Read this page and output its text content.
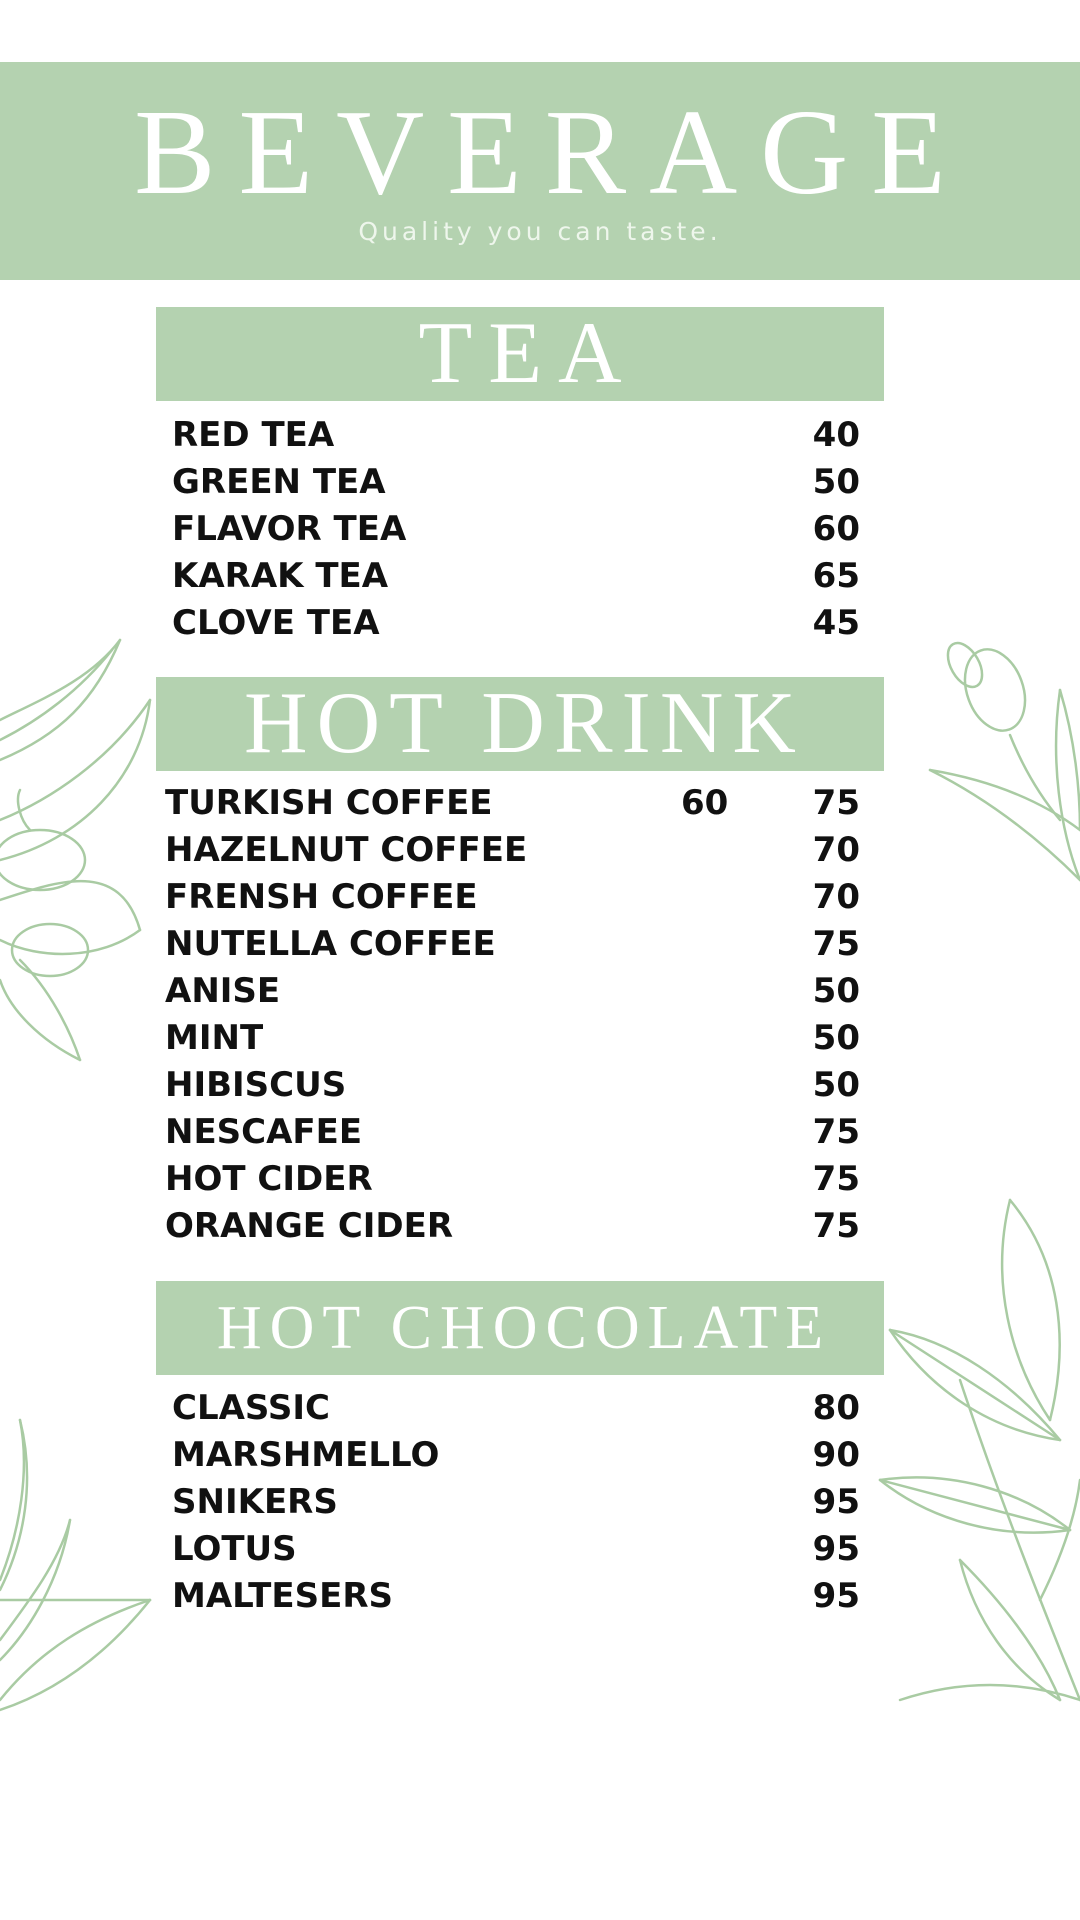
BEVERAGE
Quality you can taste.
TEA
RED TEA	40
GREEN TEA	50
FLAVOR TEA	60
KARAK TEA	65
CLOVE TEA	45
HOT DRINK
TURKISH COFFEE	60 75
HAZELNUT COFFEE	70
FRENSH COFFEE	70
NUTELLA COFFEE	75
ANISE	50
MINT	50
HIBISCUS	50
NESCAFEE	75
HOT CIDER	75
ORANGE CIDER	75
HOT CHOCOLATE
CLASSIC	80
MARSHMELLO	90
SNIKERS	95
LOTUS	95
MALTESERS	95
